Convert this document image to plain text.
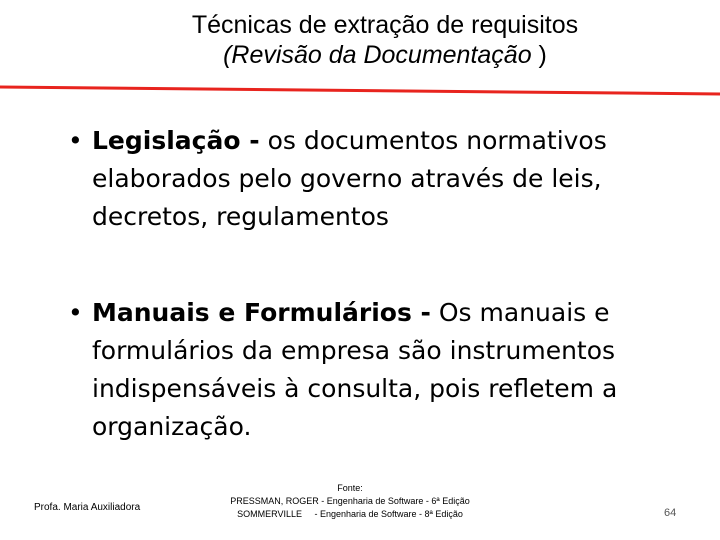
Técnicas de extração de requisitos
(Revisão da Documentação )

• Legislação - os documentos normativos elaborados pelo governo através de leis, decretos, regulamentos

• Manuais e Formulários - Os manuais e formulários da empresa são instrumentos indispensáveis à consulta, pois refletem a organização.

Profa. Maria Auxiliadora
Fonte:
PRESSMAN, ROGER - Engenharia de Software - 6ª Edição
SOMMERVILLE     - Engenharia de Software - 8ª Edição	64
